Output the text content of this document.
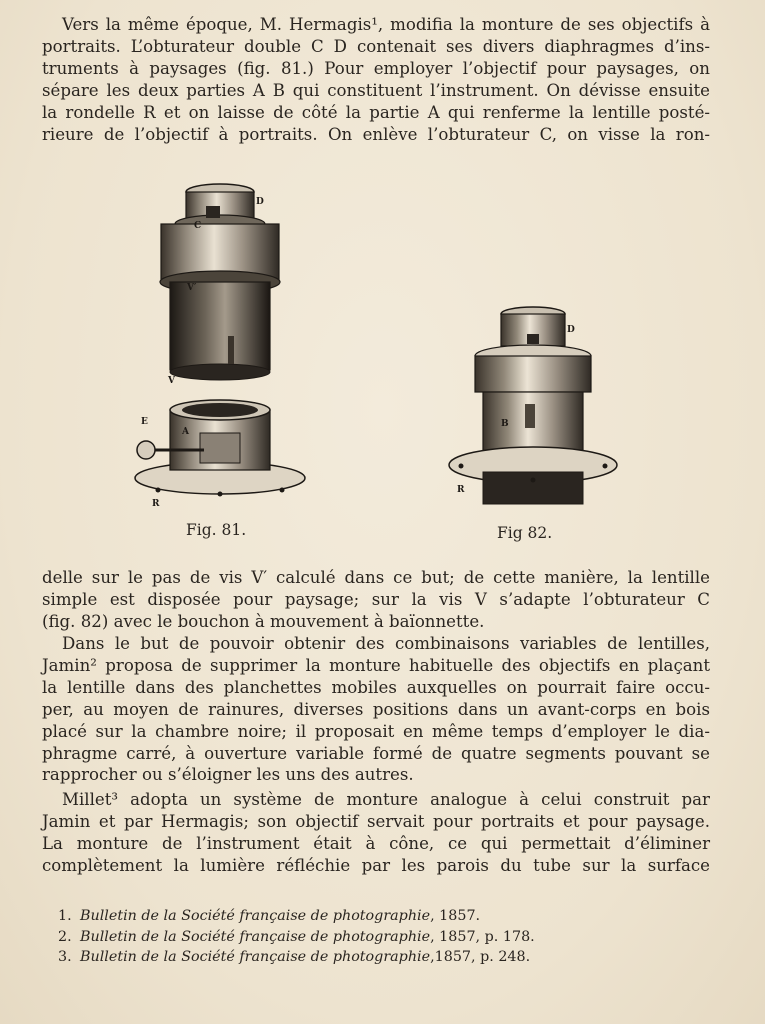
Vers la même époque, M. Hermagis¹, modifia la monture de ses objectifs à
portraits. L’obturateur double C D contenait ses divers diaphragmes d’ins-
truments à paysages (fig. 81.) Pour employer l’objectif pour paysages, on
sépare les deux parties A B qui constituent l’instrument. On dévisse ensuite
la rondelle R et on laisse de côté la partie A qui renferme la lentille posté-
rieure de l’objectif à portraits. On enlève l’obturateur C, on visse la ron-

D
C
V′
V
E
A
R
D
B
R
Fig. 81.	Fig 82.

delle sur le pas de vis V′ calculé dans ce but; de cette manière, la lentille
simple est disposée pour paysage; sur la vis V s’adapte l’obturateur C
(fig. 82) avec le bouchon à mouvement à baïonnette.

Dans le but de pouvoir obtenir des combinaisons variables de lentilles,
Jamin² proposa de supprimer la monture habituelle des objectifs en plaçant
la lentille dans des planchettes mobiles auxquelles on pourrait faire occu-
per, au moyen de rainures, diverses positions dans un avant-corps en bois
placé sur la chambre noire; il proposait en même temps d’employer le dia-
phragme carré, à ouverture variable formé de quatre segments pouvant se
rapprocher ou s’éloigner les uns des autres.

Millet³ adopta un système de monture analogue à celui construit par
Jamin et par Hermagis; son objectif servait pour portraits et pour paysage.
La monture de l’instrument était à cône, ce qui permettait d’éliminer
complètement la lumière réfléchie par les parois du tube sur la surface

1. Bulletin de la Société française de photographie, 1857.
2. Bulletin de la Société française de photographie, 1857, p. 178.
3. Bulletin de la Société française de photographie,1857, p. 248.
